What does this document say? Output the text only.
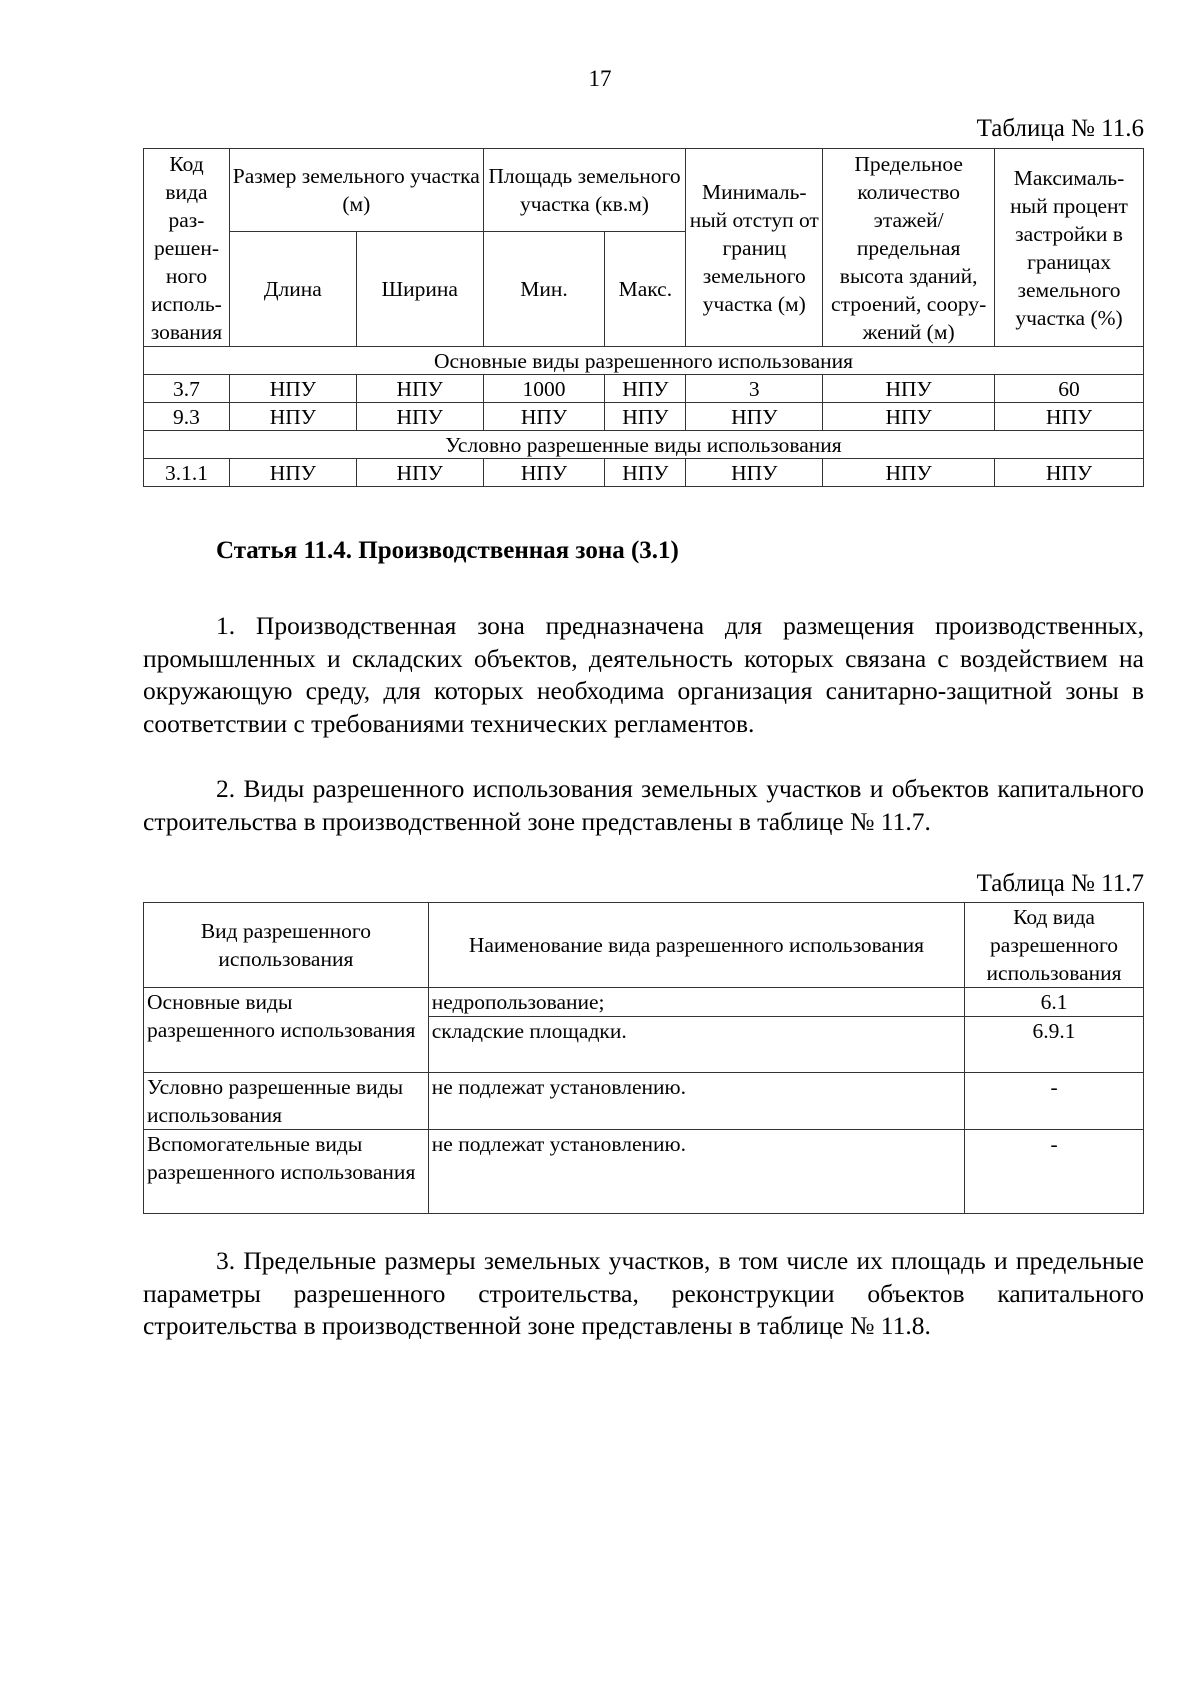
17
Таблица № 11.6
Код вида раз-решен-ного исполь-зования	Размер земельного участка (м)		Площадь земельного участка (кв.м)		Минималь-ный отступ от границ земельного участка (м)	Предельное количество этажей/ предельная высота зданий, строений, соору-жений (м)	Максималь-ный процент застройки в границах земельного участка (%)
	Длина	Ширина	Мин.	Макс.			
Основные виды разрешенного использования							
3.7	НПУ	НПУ	1000	НПУ	3	НПУ	60
9.3	НПУ	НПУ	НПУ	НПУ	НПУ	НПУ	НПУ
Условно разрешенные виды использования							
3.1.1	НПУ	НПУ	НПУ	НПУ	НПУ	НПУ	НПУ
Статья 11.4. Производственная зона (3.1)

1. Производственная зона предназначена для размещения производственных, промышленных и складских объектов, деятельность которых связана с воздействием на окружающую среду, для которых необходима организация санитарно-защитной зоны в соответствии с требованиями технических регламентов.

2. Виды разрешенного использования земельных участков и объектов капитального строительства в производственной зоне представлены в таблице № 11.7.

Таблица № 11.7
Вид разрешенного использования	Наименование вида разрешенного использования	Код вида разрешенного использования
Основные виды разрешенного использования	недропользование;	6.1
	складские площадки.	6.9.1
Условно разрешенные виды использования	не подлежат установлению.	-
Вспомогательные виды разрешенного использования	не подлежат установлению.	-

3. Предельные размеры земельных участков, в том числе их площадь и предельные параметры разрешенного строительства, реконструкции объектов капитального строительства в производственной зоне представлены в таблице № 11.8.
